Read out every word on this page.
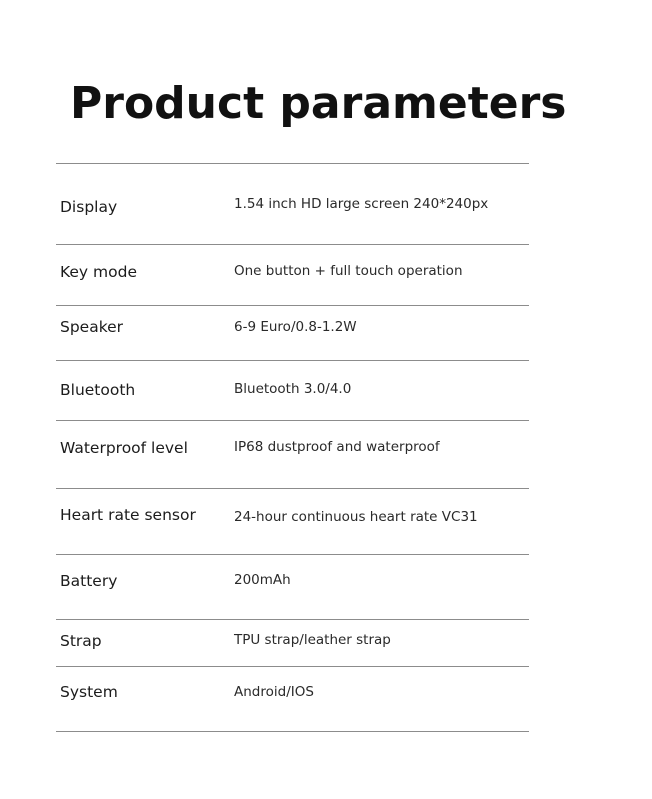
Product parameters
Display	1.54 inch HD large screen 240*240px
Key mode	One button + full touch operation
Speaker	6-9 Euro/0.8-1.2W
Bluetooth	Bluetooth 3.0/4.0
Waterproof level	IP68 dustproof and waterproof
Heart rate sensor	24-hour continuous heart rate VC31
Battery	200mAh
Strap	TPU strap/leather strap
System	Android/IOS
